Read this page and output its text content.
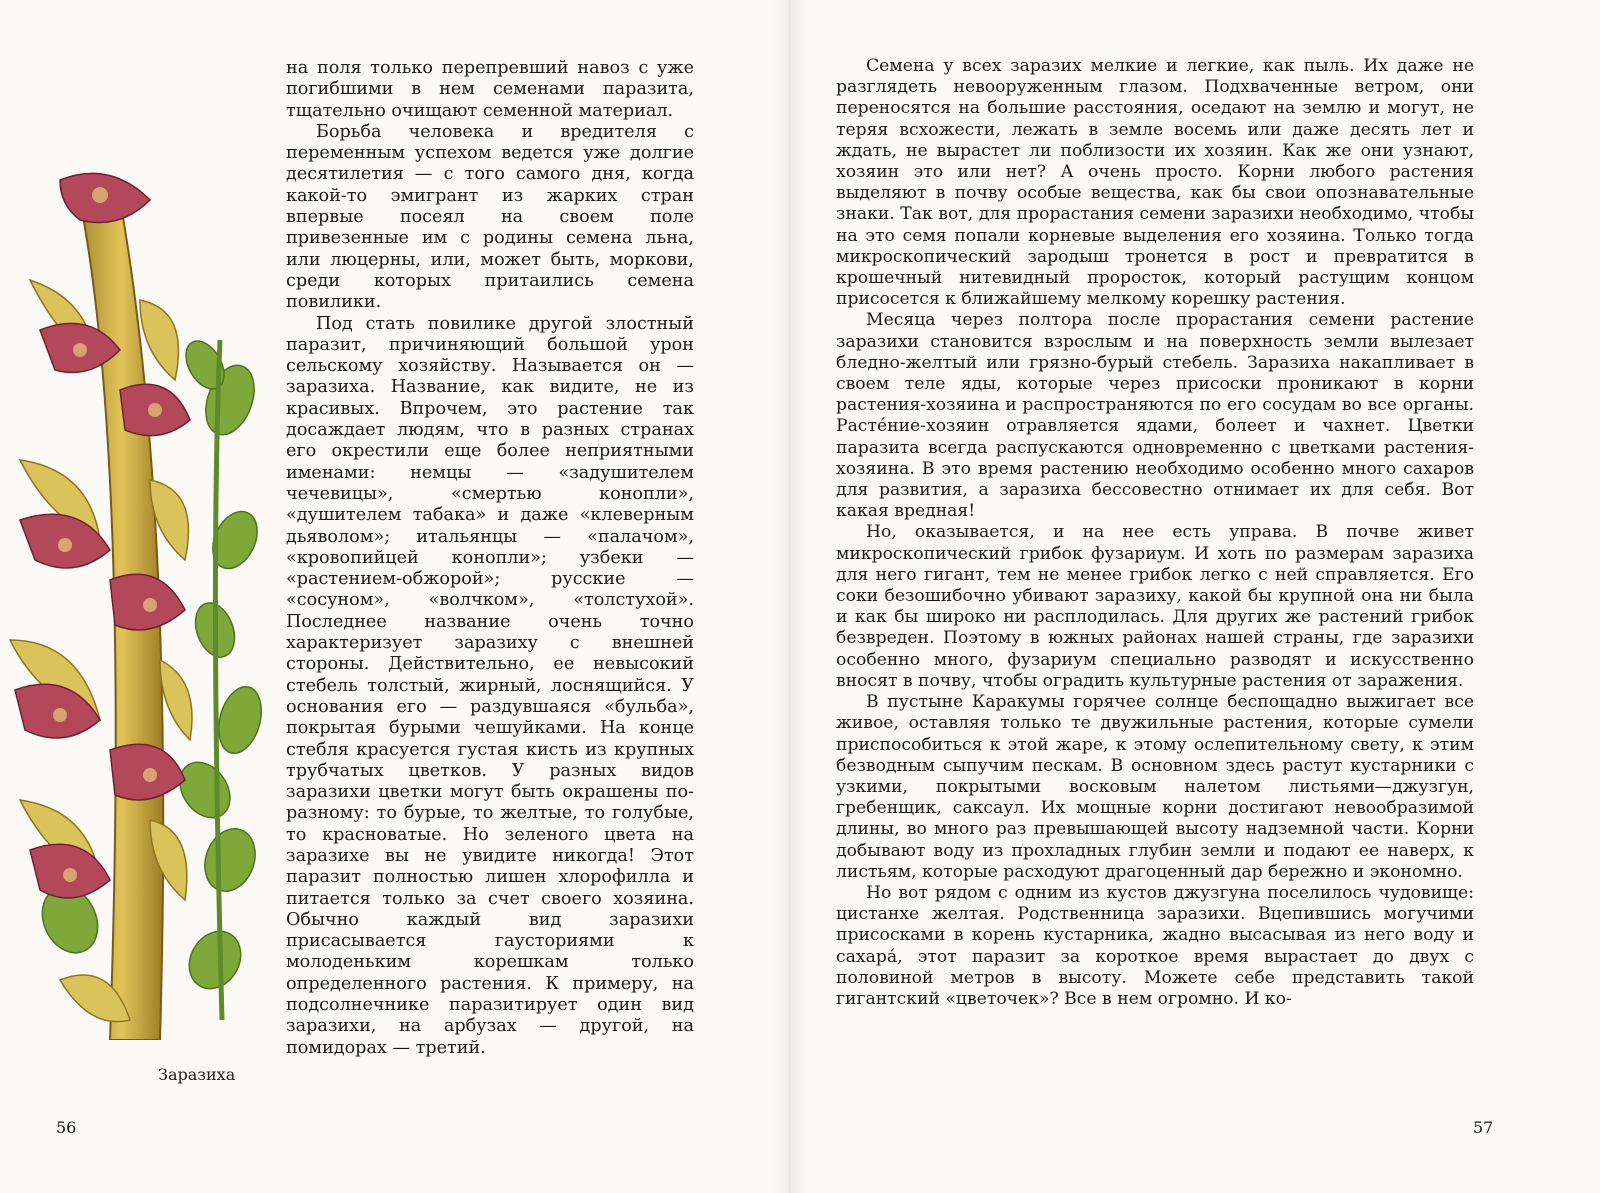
Заразиха

на поля только перепревший навоз с уже погибшими в нем семенами паразита, тщательно очищают семенной материал.

Борьба человека и вредителя с переменным успехом ведется уже долгие десятилетия — с того самого дня, когда какой-то эмигрант из жарких стран впервые посеял на своем поле привезенные им с родины семена льна, или люцерны, или, может быть, моркови, среди которых притаились семена повилики.

Под стать повилике другой злостный паразит, причиняющий большой урон сельскому хозяйству. Называется он — заразиха. Название, как видите, не из красивых. Впрочем, это растение так досаждает людям, что в разных странах его окрестили еще более неприятными именами: немцы — «задушителем чечевицы», «смертью конопли», «душителем табака» и даже «клеверным дьяволом»; итальянцы — «палачом», «кровопийцей конопли»; узбеки — «растением-обжорой»; русские — «сосуном», «волчком», «толстухой». Последнее название очень точно характеризует заразиху с внешней стороны. Действительно, ее невысокий стебель толстый, жирный, лоснящийся. У основания его — раздувшаяся «бульба», покрытая бурыми чешуйками. На конце стебля красуется густая кисть из крупных трубчатых цветков. У разных видов заразихи цветки могут быть окрашены по-разному: то бурые, то желтые, то голубые, то красноватые. Но зеленого цвета на заразихе вы не увидите никогда! Этот паразит полностью лишен хлорофилла и питается только за счет своего хозяина. Обычно каждый вид заразихи присасывается гаусториями к молоденьким корешкам только определенного растения. К примеру, на подсолнечнике паразитирует один вид заразихи, на арбузах — другой, на помидорах — третий.

56

Семена у всех заразих мелкие и легкие, как пыль. Их даже не разглядеть невооруженным глазом. Подхваченные ветром, они переносятся на большие расстояния, оседают на землю и могут, не теряя всхожести, лежать в земле восемь или даже десять лет и ждать, не вырастет ли поблизости их хозяин. Как же они узнают, хозяин это или нет? А очень просто. Корни любого растения выделяют в почву особые вещества, как бы свои опознавательные знаки. Так вот, для прорастания семени заразихи необходимо, чтобы на это семя попали корневые выделения его хозяина. Только тогда микроскопический зародыш тронется в рост и превратится в крошечный нитевидный проросток, который растущим концом присосется к ближайшему мелкому корешку растения.

Месяца через полтора после прорастания семени растение заразихи становится взрослым и на поверхность земли вылезает бледно-желтый или грязно-бурый стебель. Заразиха накапливает в своем теле яды, которые через присоски проникают в корни растения-хозяина и распространяются по его сосудам во все органы. Растéние-хозяин отравляется ядами, болеет и чахнет. Цветки паразита всегда распускаются одновременно с цветками растения-хозяина. В это время растению необходимо особенно много сахаров для развития, а заразиха бессовестно отнимает их для себя. Вот какая вредная!

Но, оказывается, и на нее есть управа. В почве живет микроскопический грибок фузариум. И хоть по размерам заразиха для него гигант, тем не менее грибок легко с ней справляется. Его соки безошибочно убивают заразиху, какой бы крупной она ни была и как бы широко ни расплодилась. Для других же растений грибок безвреден. Поэтому в южных районах нашей страны, где заразихи особенно много, фузариум специально разводят и искусственно вносят в почву, чтобы оградить культурные растения от заражения.

В пустыне Каракумы горячее солнце беспощадно выжигает все живое, оставляя только те двужильные растения, которые сумели приспособиться к этой жаре, к этому ослепительному свету, к этим безводным сыпучим пескам. В основном здесь растут кустарники с узкими, покрытыми восковым налетом листьями—джузгун, гребенщик, саксаул. Их мощные корни достигают невообразимой длины, во много раз превышающей высоту надземной части. Корни добывают воду из прохладных глубин земли и подают ее наверх, к листьям, которые расходуют драгоценный дар бережно и экономно.

Но вот рядом с одним из кустов джузгуна поселилось чудовище: цистанхе желтая. Родственница заразихи. Вцепившись могучими присосками в корень кустарника, жадно высасывая из него воду и сахара́, этот паразит за короткое время вырастает до двух с половиной метров в высоту. Можете себе представить такой гигантский «цветочек»? Все в нем огромно. И ко-

57
